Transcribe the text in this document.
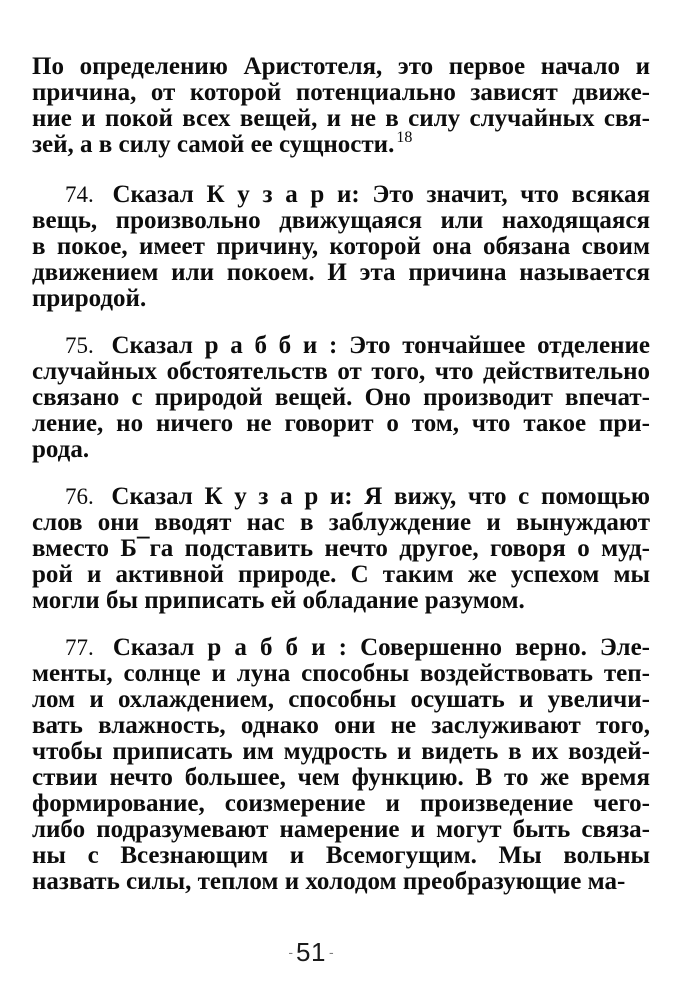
По определению Аристотеля, это первое начало и
причина, от которой потенциально зависят движе-
ние и покой всех вещей, и не в силу случайных свя-
зей, а в силу самой ее сущности. $^{18}$
74. Сказал К у з а р и: Это значит, что всякая
вещь, произвольно движущаяся или находящаяся
в покое, имеет причину, которой она обязана своим
движением или покоем. И эта причина называется
природой.
75. Сказал р а б б и : Это тончайшее отделение
случайных обстоятельств от того, что действительно
связано с природой вещей. Оно производит впечат-
ление, но ничего не говорит о том, что такое при-
рода.
76. Сказал К у з а р и: Я вижу, что с помощью
слов они вводят нас в заблуждение и вынуждают
вместо Б¯га подставить нечто другое, говоря о муд-
рой и активной природе. С таким же успехом мы
могли бы приписать ей обладание разумом.
77. Сказал р а б б и : Совершенно верно. Эле-
менты, солнце и луна способны воздействовать теп-
лом и охлаждением, способны осушать и увеличи-
вать влажность, однако они не заслуживают того,
чтобы приписать им мудрость и видеть в их воздей-
ствии нечто большее, чем функцию. В то же время
формирование, соизмерение и произведение чего-
либо подразумевают намерение и могут быть связа-
ны с Всезнающим и Всемогущим. Мы вольны
назвать силы, теплом и холодом преобразующие ма-
- 51 -
